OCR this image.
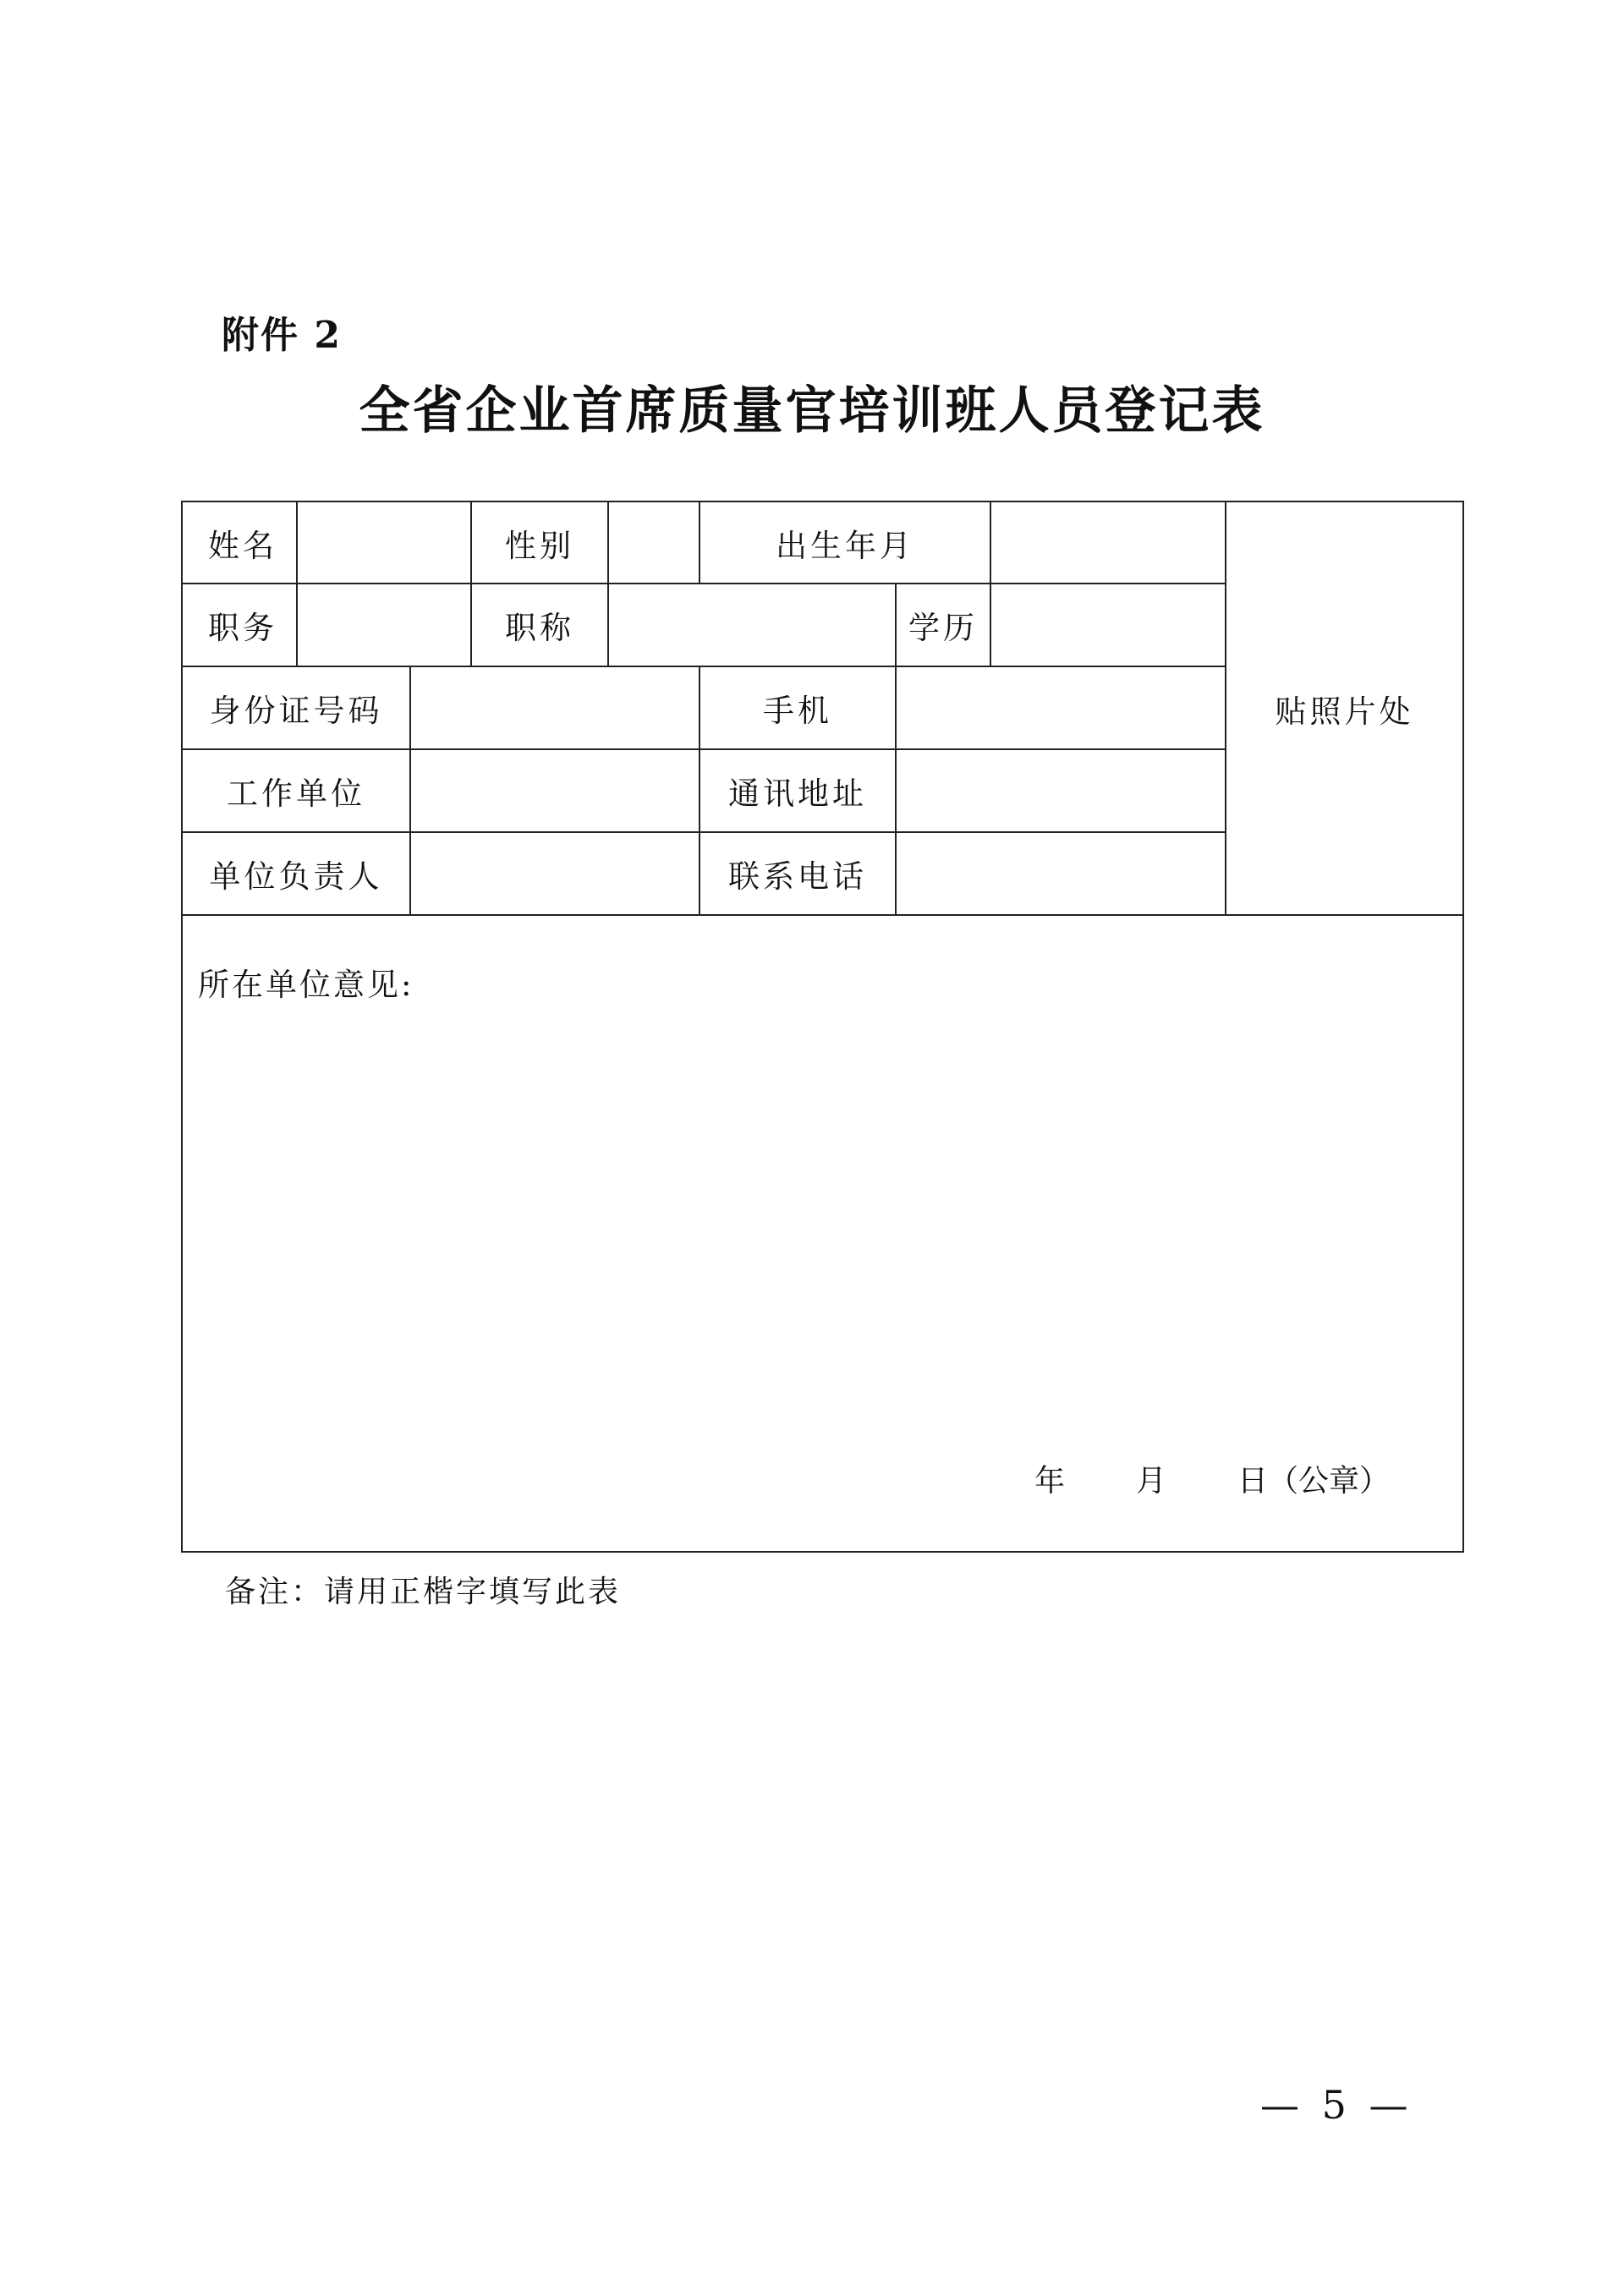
附件 2
全省企业首席质量官培训班人员登记表
姓名	性别	出生年月
贴照片处
职务	职称	学历
身份证号码	手机
工作单位	通讯地址
单位负责人	联系电话
所在单位意见:
年 月 日（公章）
备注：请用正楷字填写此表
— 5 —
